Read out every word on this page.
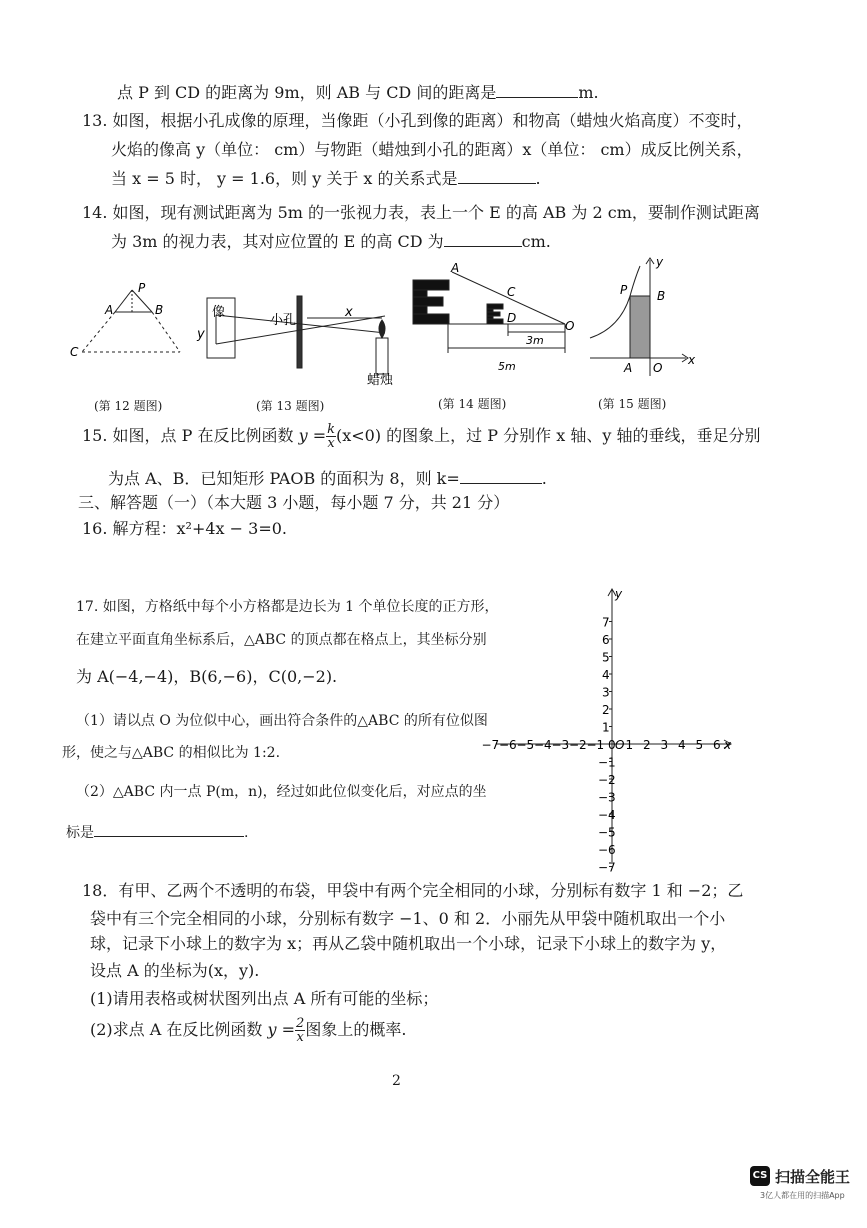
点 P 到 CD 的距离为 9m，则 AB 与 CD 间的距离是	m.
13. 如图，根据小孔成像的原理，当像距（小孔到像的距离）和物高（蜡烛火焰高度）不变时，
火焰的像高 y（单位： cm）与物距（蜡烛到小孔的距离）x（单位： cm）成反比例关系，
当 x = 5 时， y = 1.6，则 y 关于 x 的关系式是	.
14. 如图，现有测试距离为 5m 的一张视力表，表上一个 E 的高 AB 为 2 cm，要制作测试距离
为 3m 的视力表，其对应位置的 E 的高 CD 为	cm.
P
A	B
C
像
y
小孔
x
蜡烛
A
C
D
O
3m
5m
y
x
P B
A O
(第 12 题图)	(第 13 题图)	(第 14 题图)	(第 15 题图)
15. 如图，点 P 在反比例函数 $y = \frac{k}{x} (x<0)$ 的图象上，过 P 分别作 x 轴、y 轴的垂线，垂足分别
为点 A、B．已知矩形 PAOB 的面积为 8，则 k=	.
三、解答题（一）（本大题 3 小题，每小题 7 分，共 21 分）
16. 解方程：x²+4x − 3=0.
17. 如图，方格纸中每个小方格都是边长为 1 个单位长度的正方形，
在建立平面直角坐标系后，△ABC 的顶点都在格点上，其坐标分别
为 A(−4,−4)，B(6,−6)，C(0,−2).
（1）请以点 O 为位似中心，画出符合条件的△ABC 的所有位似图
形，使之与△ABC 的相似比为 1:2.
（2）△ABC 内一点 P(m，n)，经过如此位似变化后，对应点的坐
标是	.
x
y
−7 −6 −5 −4 −3 −2 −1 0 1 2 3 4 5 6
O
7
6
5
4
3
2
1
−1
−2
−3
−4
−5
−6
−7
18．有甲、乙两个不透明的布袋，甲袋中有两个完全相同的小球，分别标有数字 1 和 −2；乙
袋中有三个完全相同的小球，分别标有数字 −1、0 和 2．小丽先从甲袋中随机取出一个小
球，记录下小球上的数字为 x；再从乙袋中随机取出一个小球，记录下小球上的数字为 y，
设点 A 的坐标为(x，y).
(1)请用表格或树状图列出点 A 所有可能的坐标；
(2)求点 A 在反比例函数 $y = \frac{2}{x}$ 图象上的概率.
2
CS 扫描全能王
3亿人都在用的扫描App
